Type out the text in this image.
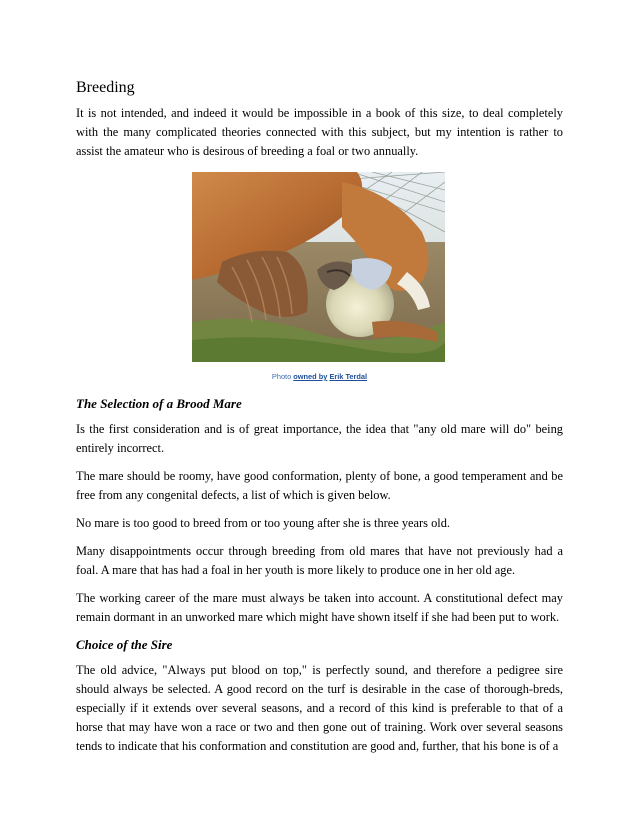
Breeding

It is not intended, and indeed it would be impossible in a book of this size, to deal completely with the many complicated theories connected with this subject, but my intention is rather to assist the amateur who is desirous of breeding a foal or two annually.

Photo owned by Erik Terdal
The Selection of a Brood Mare

Is the first consideration and is of great importance, the idea that "any old mare will do" being entirely incorrect.

The mare should be roomy, have good conformation, plenty of bone, a good temperament and be free from any congenital defects, a list of which is given below.

No mare is too good to breed from or too young after she is three years old.

Many disappointments occur through breeding from old mares that have not previously had a foal. A mare that has had a foal in her youth is more likely to produce one in her old age.

The working career of the mare must always be taken into account. A constitutional defect may remain dormant in an unworked mare which might have shown itself if she had been put to work.

Choice of the Sire

The old advice, "Always put blood on top," is perfectly sound, and therefore a pedigree sire should always be selected. A good record on the turf is desirable in the case of thorough-breds, especially if it extends over several seasons, and a record of this kind is preferable to that of a horse that may have won a race or two and then gone out of training. Work over several seasons tends to indicate that his conformation and constitution are good and, further, that his bone is of a
